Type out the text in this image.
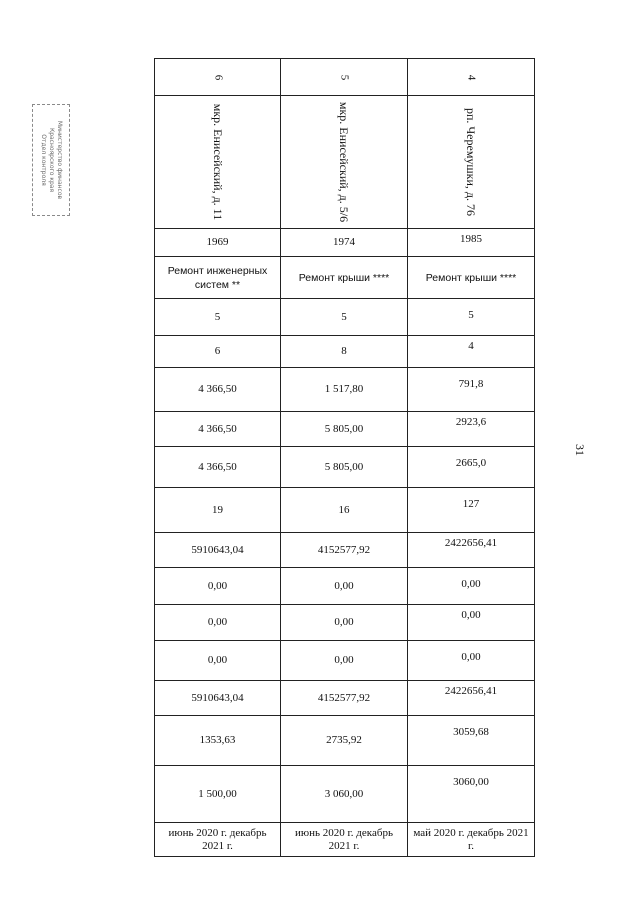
Министерство финансов
Красноярского края
Отдел контроля
31
6	5	4

мкр. Енисейский, д. 11	мкр. Енисейский, д. 5/6	рп. Черемушки, д. 76

1969	1974	1985
Ремонт инженерных систем **	Ремонт крыши ****	Ремонт крыши ****
5	5	5
6	8	4
4 366,50	1 517,80	791,8
4 366,50	5 805,00	2923,6
4 366,50	5 805,00	2665,0
19	16	127
5910643,04	4152577,92	2422656,41
0,00	0,00	0,00
0,00	0,00	0,00
0,00	0,00	0,00
5910643,04	4152577,92	2422656,41
1353,63	2735,92	3059,68
1 500,00	3 060,00	3060,00
июнь 2020 г. декабрь 2021 г.	июнь 2020 г. декабрь 2021 г.	май 2020 г. декабрь 2021 г.
